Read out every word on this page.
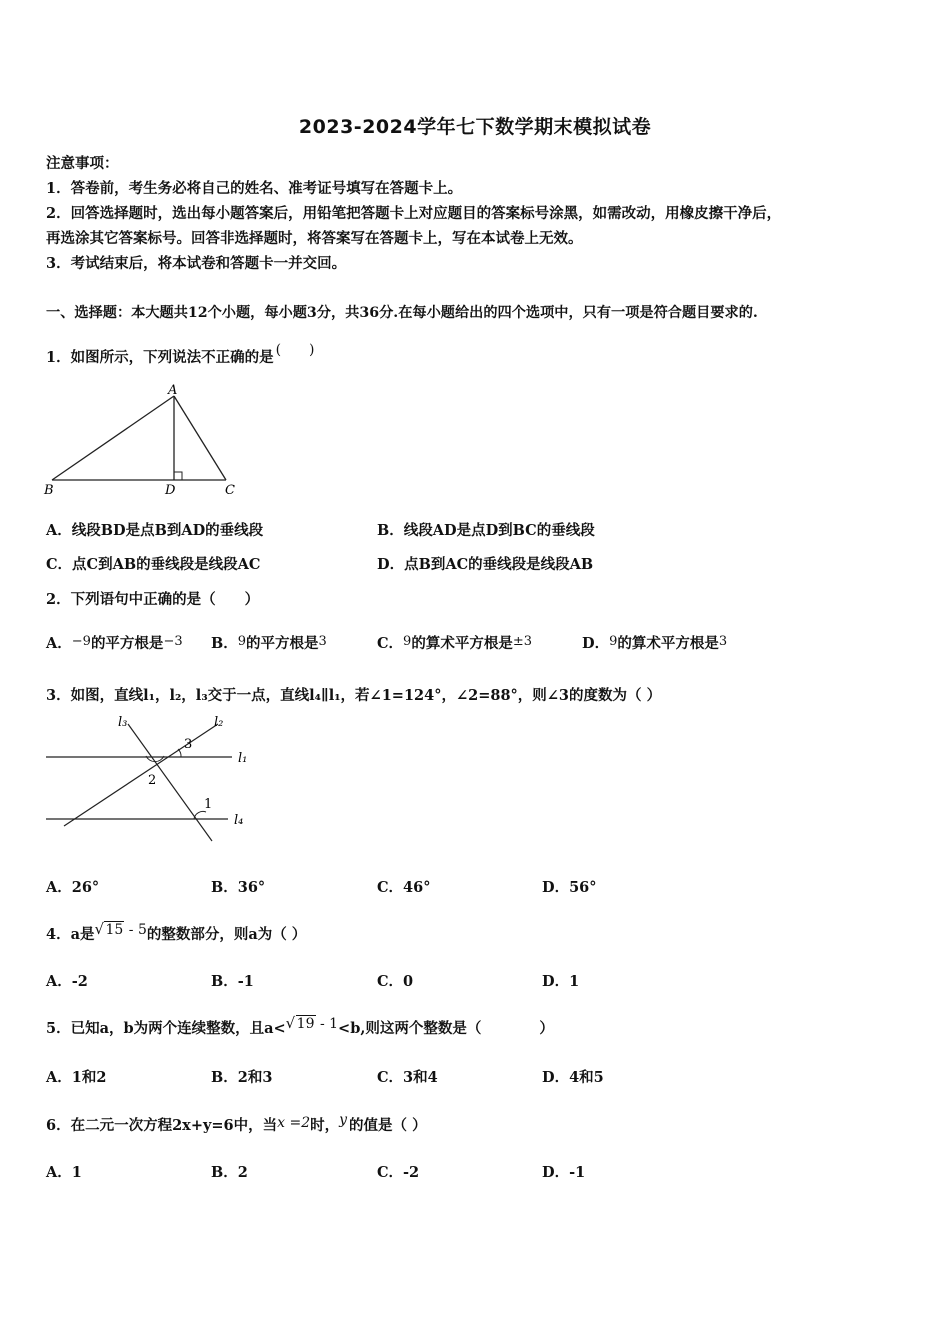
2023-2024学年七下数学期末模拟试卷
注意事项：
1．答卷前，考生务必将自己的姓名、准考证号填写在答题卡上。
2．回答选择题时，选出每小题答案后，用铅笔把答题卡上对应题目的答案标号涂黑，如需改动，用橡皮擦干净后，
再选涂其它答案标号。回答非选择题时，将答案写在答题卡上，写在本试卷上无效。
3．考试结束后，将本试卷和答题卡一并交回。
一、选择题：本大题共12个小题，每小题3分，共36分.在每小题给出的四个选项中，只有一项是符合题目要求的.
1．如图所示，下列说法不正确的是 (　　)
A
B	D	C
A．线段BD是点B到AD的垂线段	B．线段AD是点D到BC的垂线段
C．点C到AB的垂线段是线段AC	D．点B到AC的垂线段是线段AB
2．下列语句中正确的是（　　）
A．−9的平方根是−3 B．9的平方根是3	C．9的算术平方根是±3	D．9的算术平方根是3
3．如图，直线l₁，l₂，l₃交于一点，直线l₄∥l₁，若∠1=124°，∠2=88°，则∠3的度数为（ ）
l₃	l₂
l₁
l₄
3
2
1
A．26°	B．36°	C．46°	D．56°
4．a是 √ 15 - 5的整数部分，则a为（ ）
A．-2	B．-1	C．0	D．1
5．已知a，b为两个连续整数，且a< √ 19 - 1<b,则这两个整数是（　　　　）
A．1和2	B．2和3	C．3和4	D．4和5
6．在二元一次方程2x+y=6中，当x =2时，y 的值是（ ）
A．1	B．2	C．-2	D．-1
